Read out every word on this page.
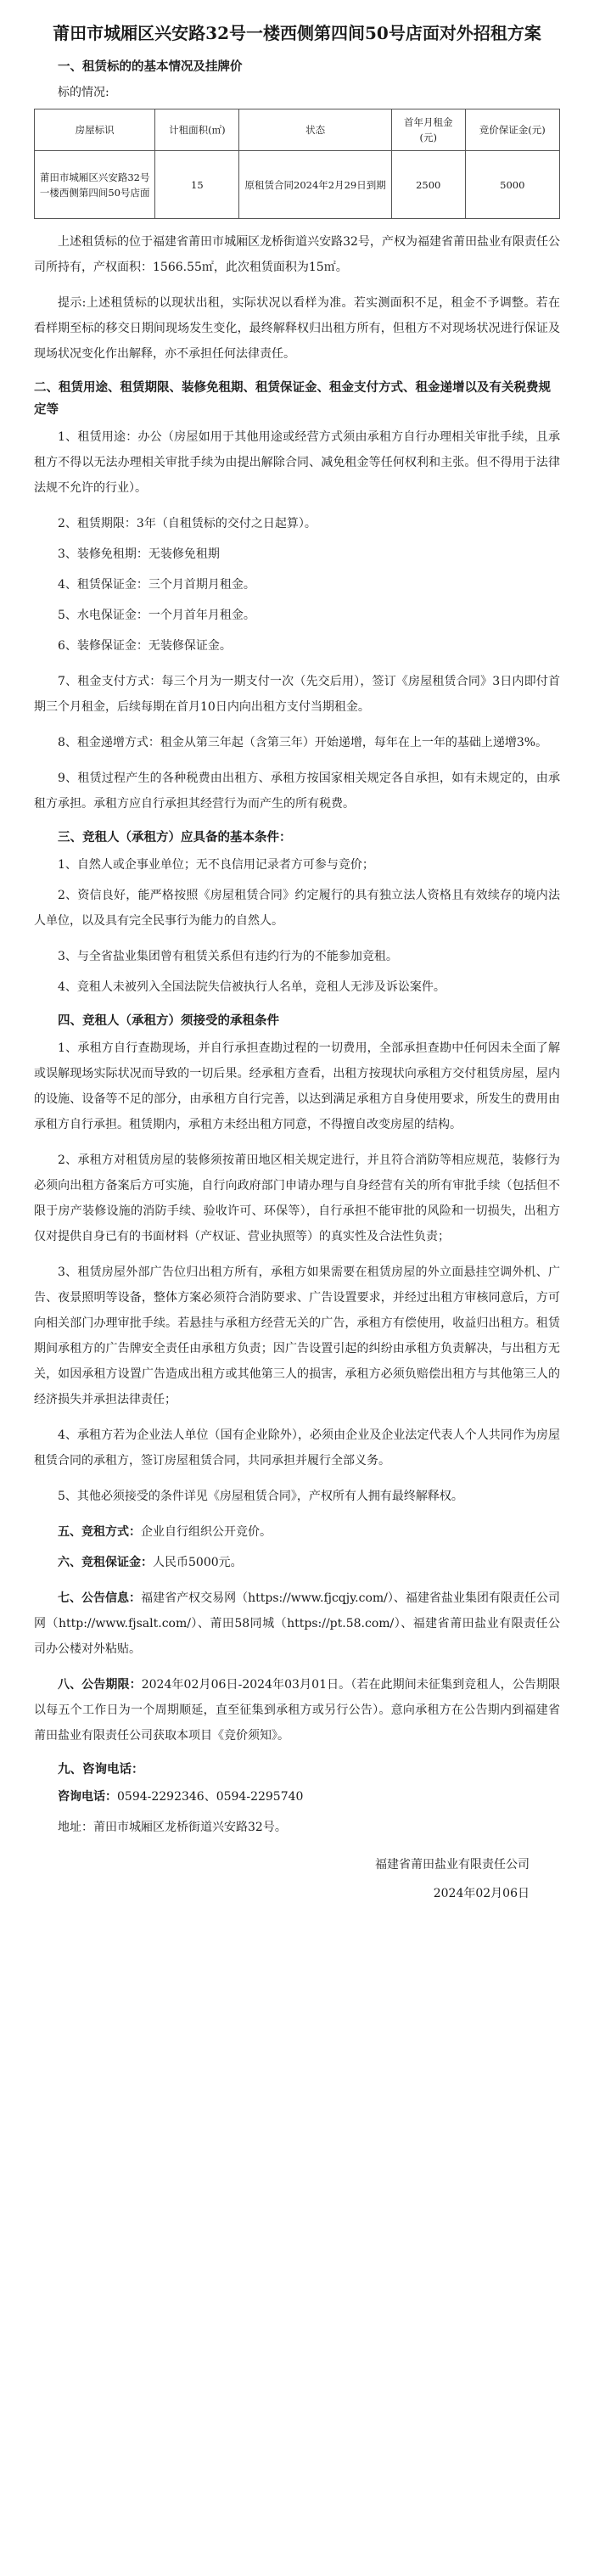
莆田市城厢区兴安路32号一楼西侧第四间50号店面对外招租方案
一、租赁标的的基本情况及挂牌价
标的情况:
房屋标识	计租面积(㎡)	状态	首年月租金(元)	竞价保证金(元)
莆田市城厢区兴安路32号一楼西侧第四间50号店面	15	原租赁合同2024年2月29日到期	2500	5000

上述租赁标的位于福建省莆田市城厢区龙桥街道兴安路32号，产权为福建省莆田盐业有限责任公司所持有，产权面积：1566.55㎡，此次租赁面积为15㎡。

提示:上述租赁标的以现状出租，实际状况以看样为准。若实测面积不足，租金不予调整。若在看样期至标的移交日期间现场发生变化，最终解释权归出租方所有，但租方不对现场状况进行保证及现场状况变化作出解释，亦不承担任何法律责任。

二、租赁用途、租赁期限、装修免租期、租赁保证金、租金支付方式、租金递增以及有关税费规定等

1、租赁用途：办公（房屋如用于其他用途或经营方式须由承租方自行办理相关审批手续，且承租方不得以无法办理相关审批手续为由提出解除合同、减免租金等任何权利和主张。但不得用于法律法规不允许的行业）。

2、租赁期限：3年（自租赁标的交付之日起算）。

3、装修免租期：无装修免租期

4、租赁保证金：三个月首期月租金。

5、水电保证金：一个月首年月租金。

6、装修保证金：无装修保证金。

7、租金支付方式：每三个月为一期支付一次（先交后用），签订《房屋租赁合同》3日内即付首期三个月租金，后续每期在首月10日内向出租方支付当期租金。

8、租金递增方式：租金从第三年起（含第三年）开始递增，每年在上一年的基础上递增3%。

9、租赁过程产生的各种税费由出租方、承租方按国家相关规定各自承担，如有未规定的，由承租方承担。承租方应自行承担其经营行为而产生的所有税费。

三、竞租人（承租方）应具备的基本条件：

1、自然人或企事业单位；无不良信用记录者方可参与竞价；

2、资信良好，能严格按照《房屋租赁合同》约定履行的具有独立法人资格且有效续存的境内法人单位，以及具有完全民事行为能力的自然人。

3、与全省盐业集团曾有租赁关系但有违约行为的不能参加竞租。

4、竞租人未被列入全国法院失信被执行人名单，竞租人无涉及诉讼案件。

四、竞租人（承租方）须接受的承租条件

1、承租方自行查勘现场，并自行承担查勘过程的一切费用，全部承担查勘中任何因未全面了解或误解现场实际状况而导致的一切后果。经承租方查看，出租方按现状向承租方交付租赁房屋，屋内的设施、设备等不足的部分，由承租方自行完善，以达到满足承租方自身使用要求，所发生的费用由承租方自行承担。租赁期内，承租方未经出租方同意，不得擅自改变房屋的结构。

2、承租方对租赁房屋的装修须按莆田地区相关规定进行，并且符合消防等相应规范，装修行为必须向出租方备案后方可实施，自行向政府部门申请办理与自身经营有关的所有审批手续（包括但不限于房产装修设施的消防手续、验收许可、环保等），自行承担不能审批的风险和一切损失，出租方仅对提供自身已有的书面材料（产权证、营业执照等）的真实性及合法性负责；

3、租赁房屋外部广告位归出租方所有，承租方如果需要在租赁房屋的外立面悬挂空调外机、广告、夜景照明等设备，整体方案必须符合消防要求、广告设置要求，并经过出租方审核同意后，方可向相关部门办理审批手续。若悬挂与承租方经营无关的广告，承租方有偿使用，收益归出租方。租赁期间承租方的广告牌安全责任由承租方负责；因广告设置引起的纠纷由承租方负责解决，与出租方无关，如因承租方设置广告造成出租方或其他第三人的损害，承租方必须负赔偿出租方与其他第三人的经济损失并承担法律责任；

4、承租方若为企业法人单位（国有企业除外），必须由企业及企业法定代表人个人共同作为房屋租赁合同的承租方，签订房屋租赁合同，共同承担并履行全部义务。

5、其他必须接受的条件详见《房屋租赁合同》，产权所有人拥有最终解释权。

五、竞租方式：企业自行组织公开竞价。

六、竞租保证金：人民币5000元。

七、公告信息：福建省产权交易网（https://www.fjcqjy.com/）、福建省盐业集团有限责任公司网（http://www.fjsalt.com/）、莆田58同城（https://pt.58.com/）、福建省莆田盐业有限责任公司办公楼对外粘贴。

八、公告期限：2024年02月06日-2024年03月01日。（若在此期间未征集到竞租人，公告期限以每五个工作日为一个周期顺延，直至征集到承租方或另行公告）。意向承租方在公告期内到福建省莆田盐业有限责任公司获取本项目《竞价须知》。

九、咨询电话：

咨询电话：0594-2292346、0594-2295740

地址：莆田市城厢区龙桥街道兴安路32号。

福建省莆田盐业有限责任公司
2024年02月06日
